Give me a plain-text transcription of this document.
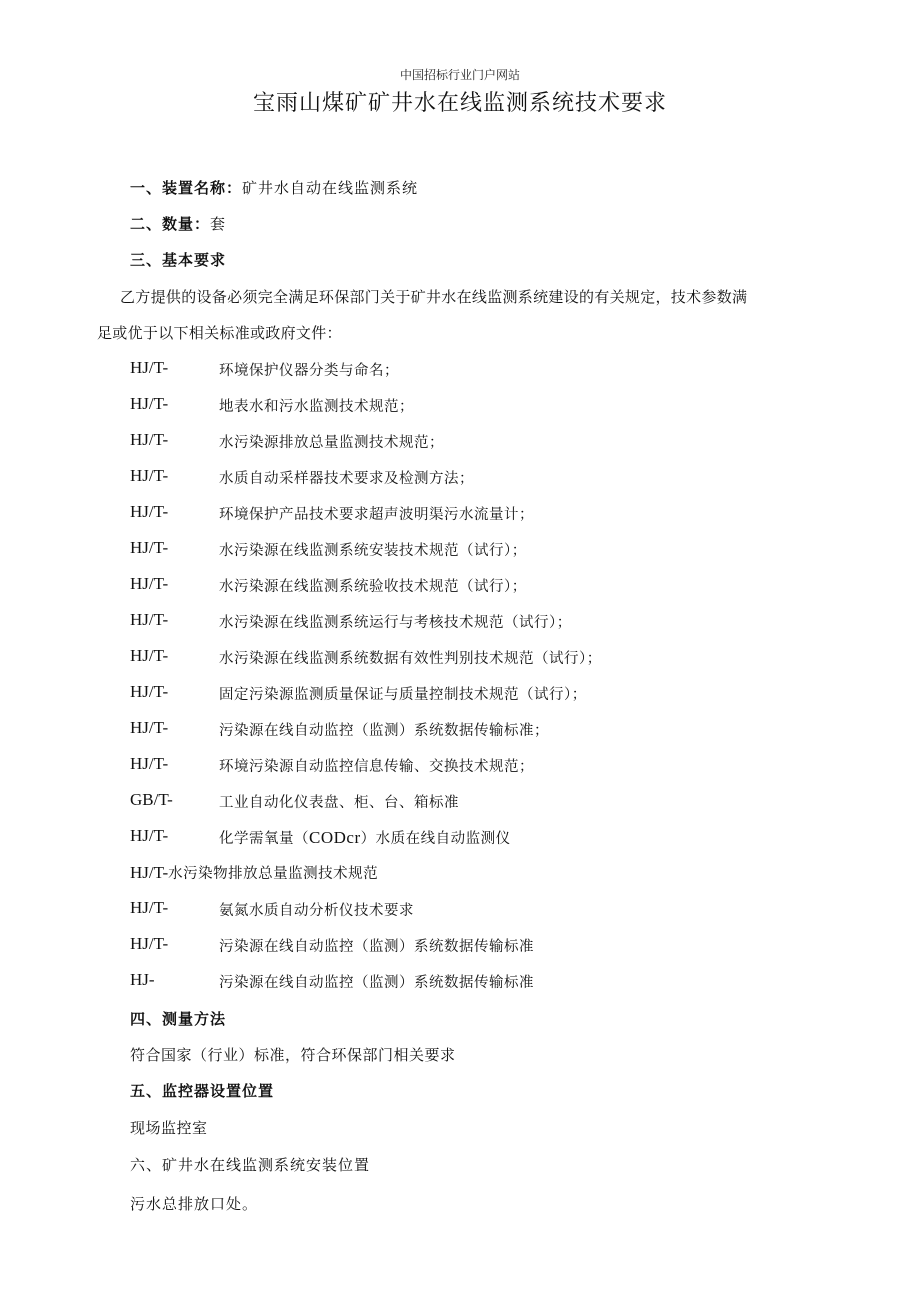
中国招标行业门户网站
宝雨山煤矿矿井水在线监测系统技术要求
一、装置名称：矿井水自动在线监测系统
二、数量：套
三、基本要求
乙方提供的设备必须完全满足环保部门关于矿井水在线监测系统建设的有关规定，技术参数满
足或优于以下相关标准或政府文件：
HJ/T-	环境保护仪器分类与命名；
HJ/T-	地表水和污水监测技术规范；
HJ/T-	水污染源排放总量监测技术规范；
HJ/T-	水质自动采样器技术要求及检测方法；
HJ/T-	环境保护产品技术要求超声波明渠污水流量计；
HJ/T-	水污染源在线监测系统安装技术规范（试行）；
HJ/T-	水污染源在线监测系统验收技术规范（试行）；
HJ/T-	水污染源在线监测系统运行与考核技术规范（试行）；
HJ/T-	水污染源在线监测系统数据有效性判别技术规范（试行）；
HJ/T-	固定污染源监测质量保证与质量控制技术规范（试行）；
HJ/T-	污染源在线自动监控（监测）系统数据传输标准；
HJ/T-	环境污染源自动监控信息传输、交换技术规范；
GB/T-	工业自动化仪表盘、柜、台、箱标准
HJ/T-	化学需氧量（CODcr）水质在线自动监测仪
HJ/T-水污染物排放总量监测技术规范
HJ/T-	氨氮水质自动分析仪技术要求
HJ/T-	污染源在线自动监控（监测）系统数据传输标准
HJ-	污染源在线自动监控（监测）系统数据传输标准
四、测量方法
符合国家（行业）标准，符合环保部门相关要求
五、监控器设置位置
现场监控室
六、矿井水在线监测系统安装位置
污水总排放口处。
